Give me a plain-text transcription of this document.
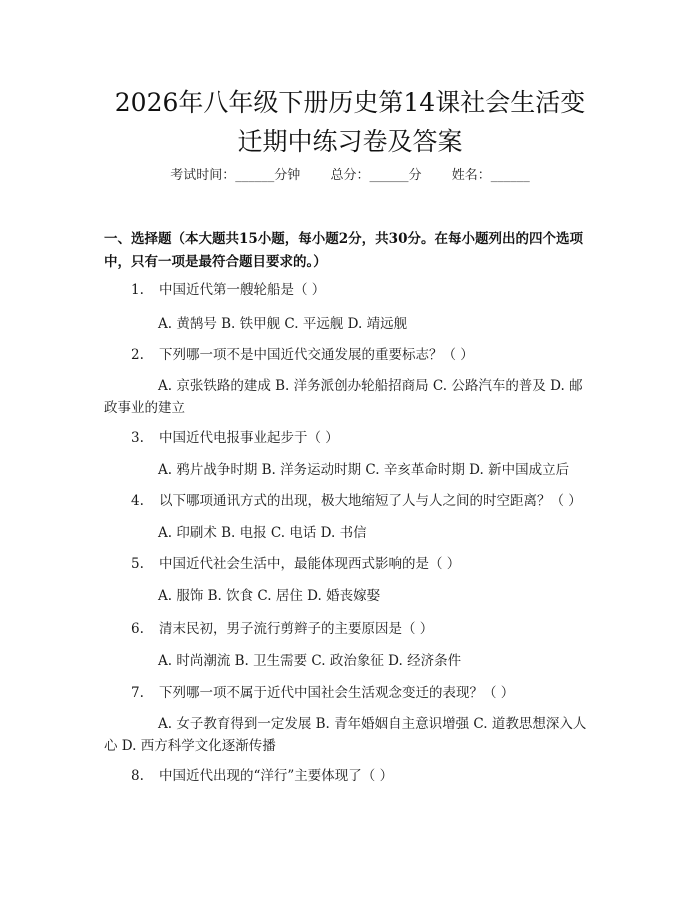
2026年八年级下册历史第14课社会生活变
迁期中练习卷及答案
考试时间：______分钟 总分：______分 姓名：______
一、选择题（本大题共15小题，每小题2分，共30分。在每小题列出的四个选项中，只有一项是最符合题目要求的。）
1. 中国近代第一艘轮船是（ ）
A. 黄鹄号 B. 铁甲舰 C. 平远舰 D. 靖远舰
2. 下列哪一项不是中国近代交通发展的重要标志？（ ）
A. 京张铁路的建成 B. 洋务派创办轮船招商局 C. 公路汽车的普及 D. 邮政事业的建立
3. 中国近代电报事业起步于（ ）
A. 鸦片战争时期 B. 洋务运动时期 C. 辛亥革命时期 D. 新中国成立后
4. 以下哪项通讯方式的出现，极大地缩短了人与人之间的时空距离？（ ）
A. 印刷术 B. 电报 C. 电话 D. 书信
5. 中国近代社会生活中，最能体现西式影响的是（ ）
A. 服饰 B. 饮食 C. 居住 D. 婚丧嫁娶
6. 清末民初，男子流行剪辫子的主要原因是（ ）
A. 时尚潮流 B. 卫生需要 C. 政治象征 D. 经济条件
7. 下列哪一项不属于近代中国社会生活观念变迁的表现？（ ）
A. 女子教育得到一定发展 B. 青年婚姻自主意识增强 C. 道教思想深入人心 D. 西方科学文化逐渐传播
8. 中国近代出现的“洋行”主要体现了（ ）
